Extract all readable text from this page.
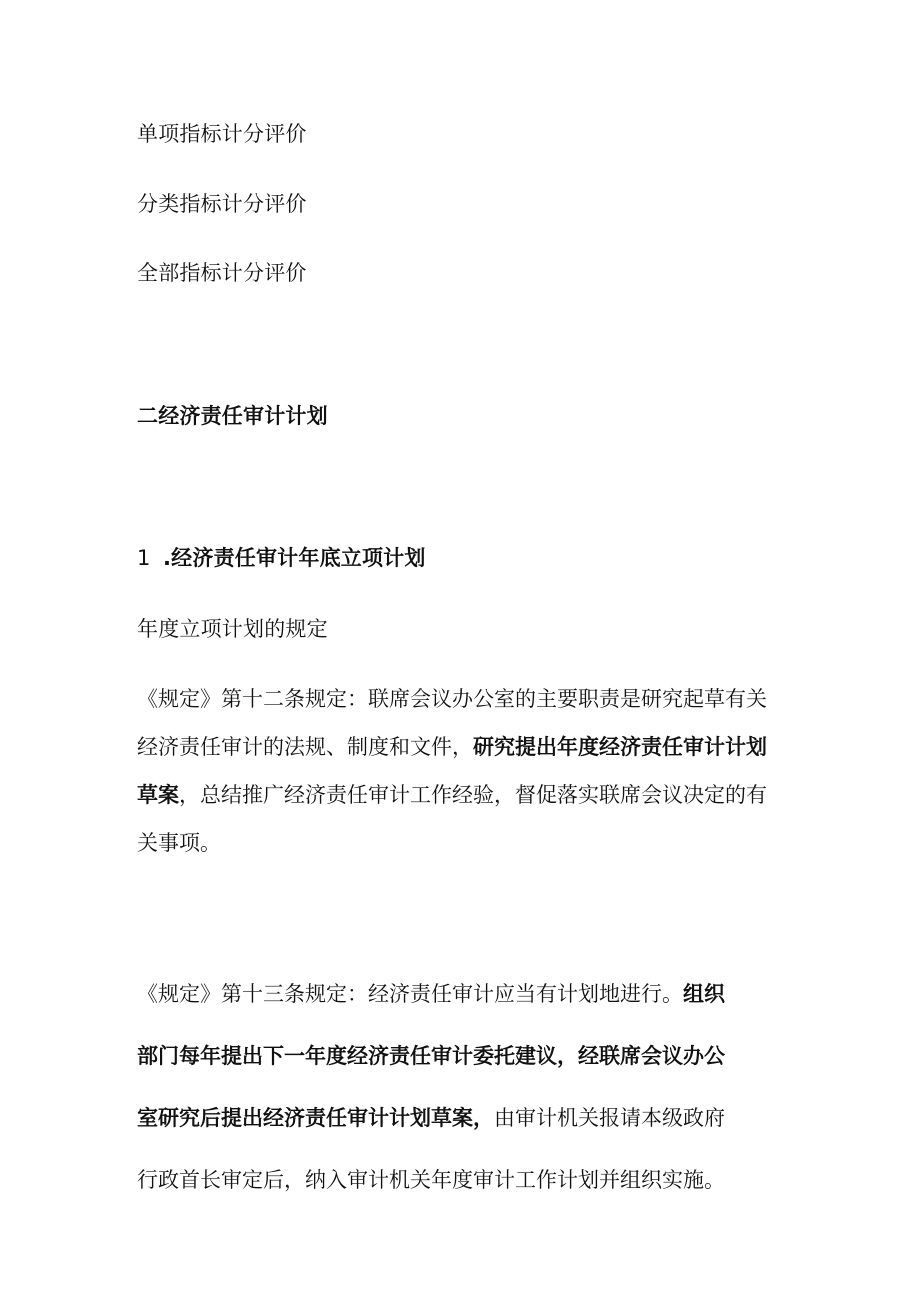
单项指标计分评价
分类指标计分评价
全部指标计分评价
二经济责任审计计划
1 .经济责任审计年底立项计划
年度立项计划的规定
《规定》第十二条规定：联席会议办公室的主要职责是研究起草有关
经济责任审计的法规、制度和文件，研究提出年度经济责任审计计划
草案，总结推广经济责任审计工作经验，督促落实联席会议决定的有
关事项。
《规定》第十三条规定：经济责任审计应当有计划地进行。组织
部门每年提出下一年度经济责任审计委托建议，经联席会议办公
室研究后提出经济责任审计计划草案，由审计机关报请本级政府
行政首长审定后，纳入审计机关年度审计工作计划并组织实施。
